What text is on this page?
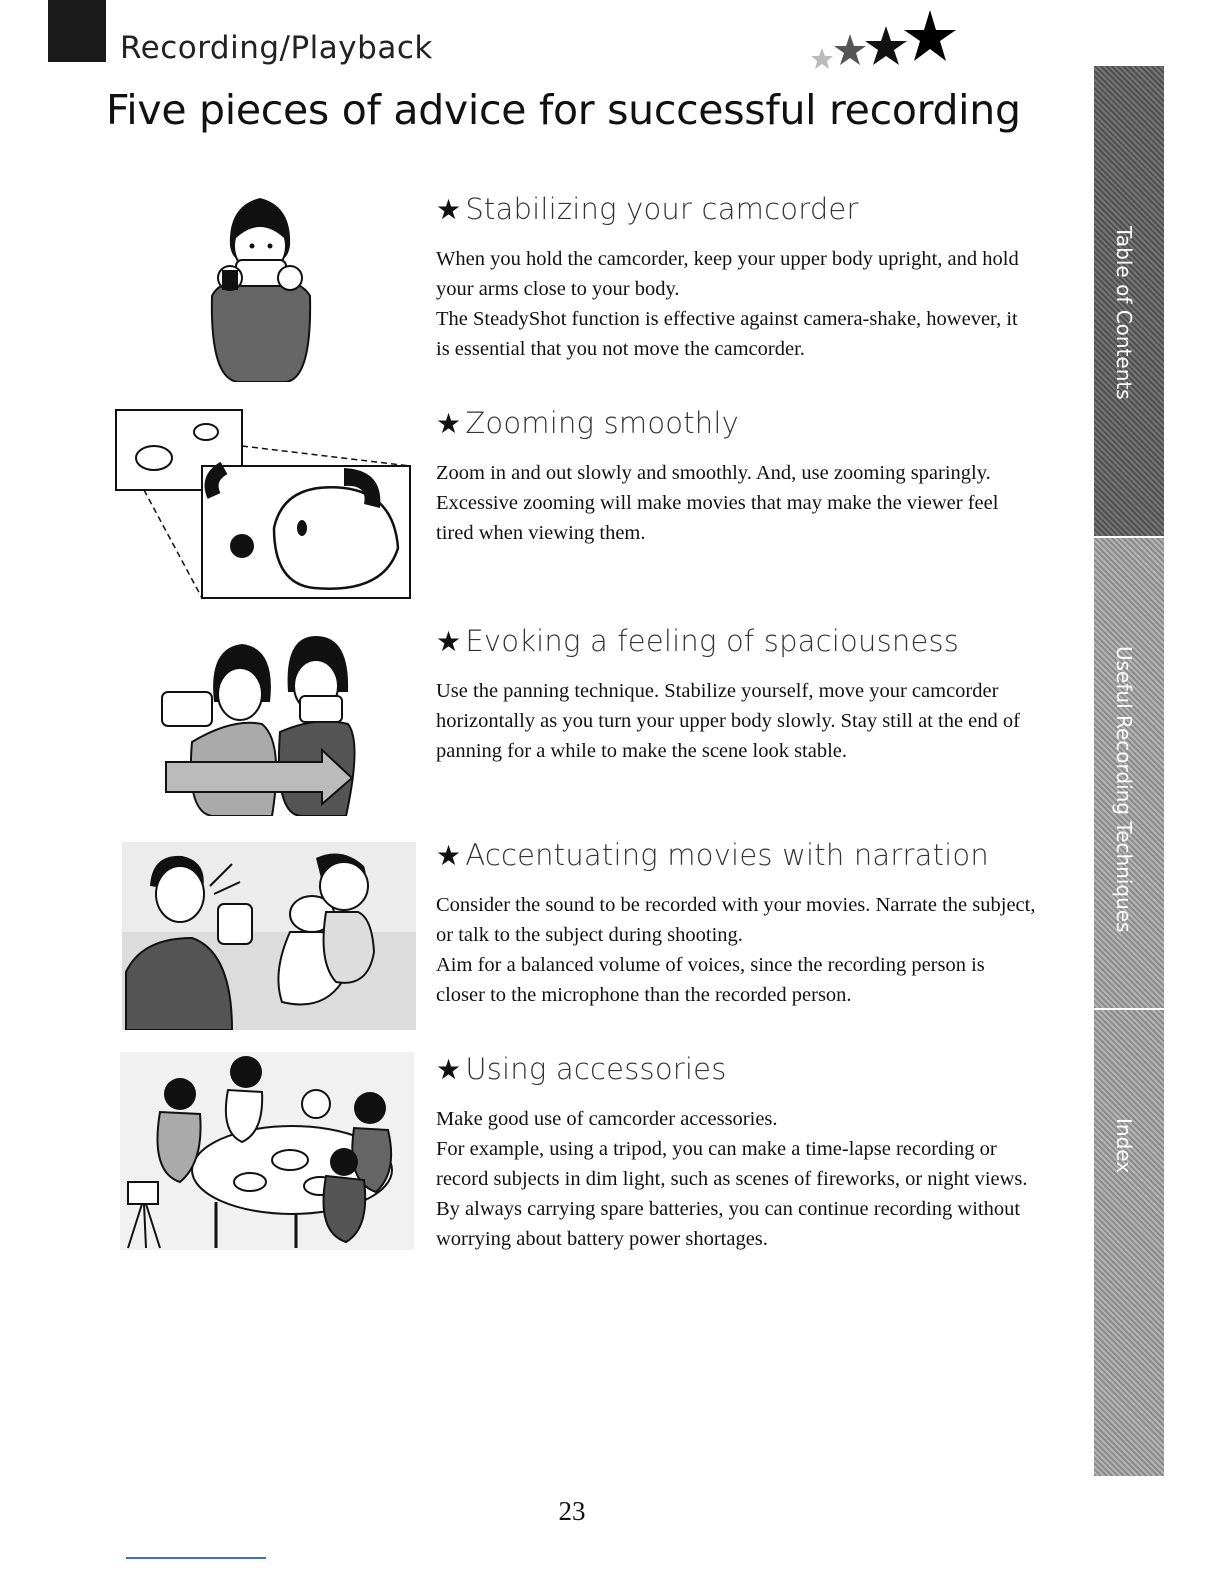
Recording/Playback
Five pieces of advice for successful recording
Table of Contents
Useful Recording Techniques
Index
★ Stabilizing your camcorder

When you hold the camcorder, keep your upper body upright, and hold your arms close to your body.

The SteadyShot function is effective against camera-shake, however, it is essential that you not move the camcorder.

★ Zooming smoothly

Zoom in and out slowly and smoothly. And, use zooming sparingly. Excessive zooming will make movies that may make the viewer feel tired when viewing them.

★ Evoking a feeling of spaciousness

Use the panning technique. Stabilize yourself, move your camcorder horizontally as you turn your upper body slowly. Stay still at the end of panning for a while to make the scene look stable.

★ Accentuating movies with narration

Consider the sound to be recorded with your movies. Narrate the subject, or talk to the subject during shooting.

Aim for a balanced volume of voices, since the recording person is closer to the microphone than the recorded person.

★ Using accessories

Make good use of camcorder accessories.

For example, using a tripod, you can make a time-lapse recording or record subjects in dim light, such as scenes of fireworks, or night views. By always carrying spare batteries, you can continue recording without worrying about battery power shortages.

23
